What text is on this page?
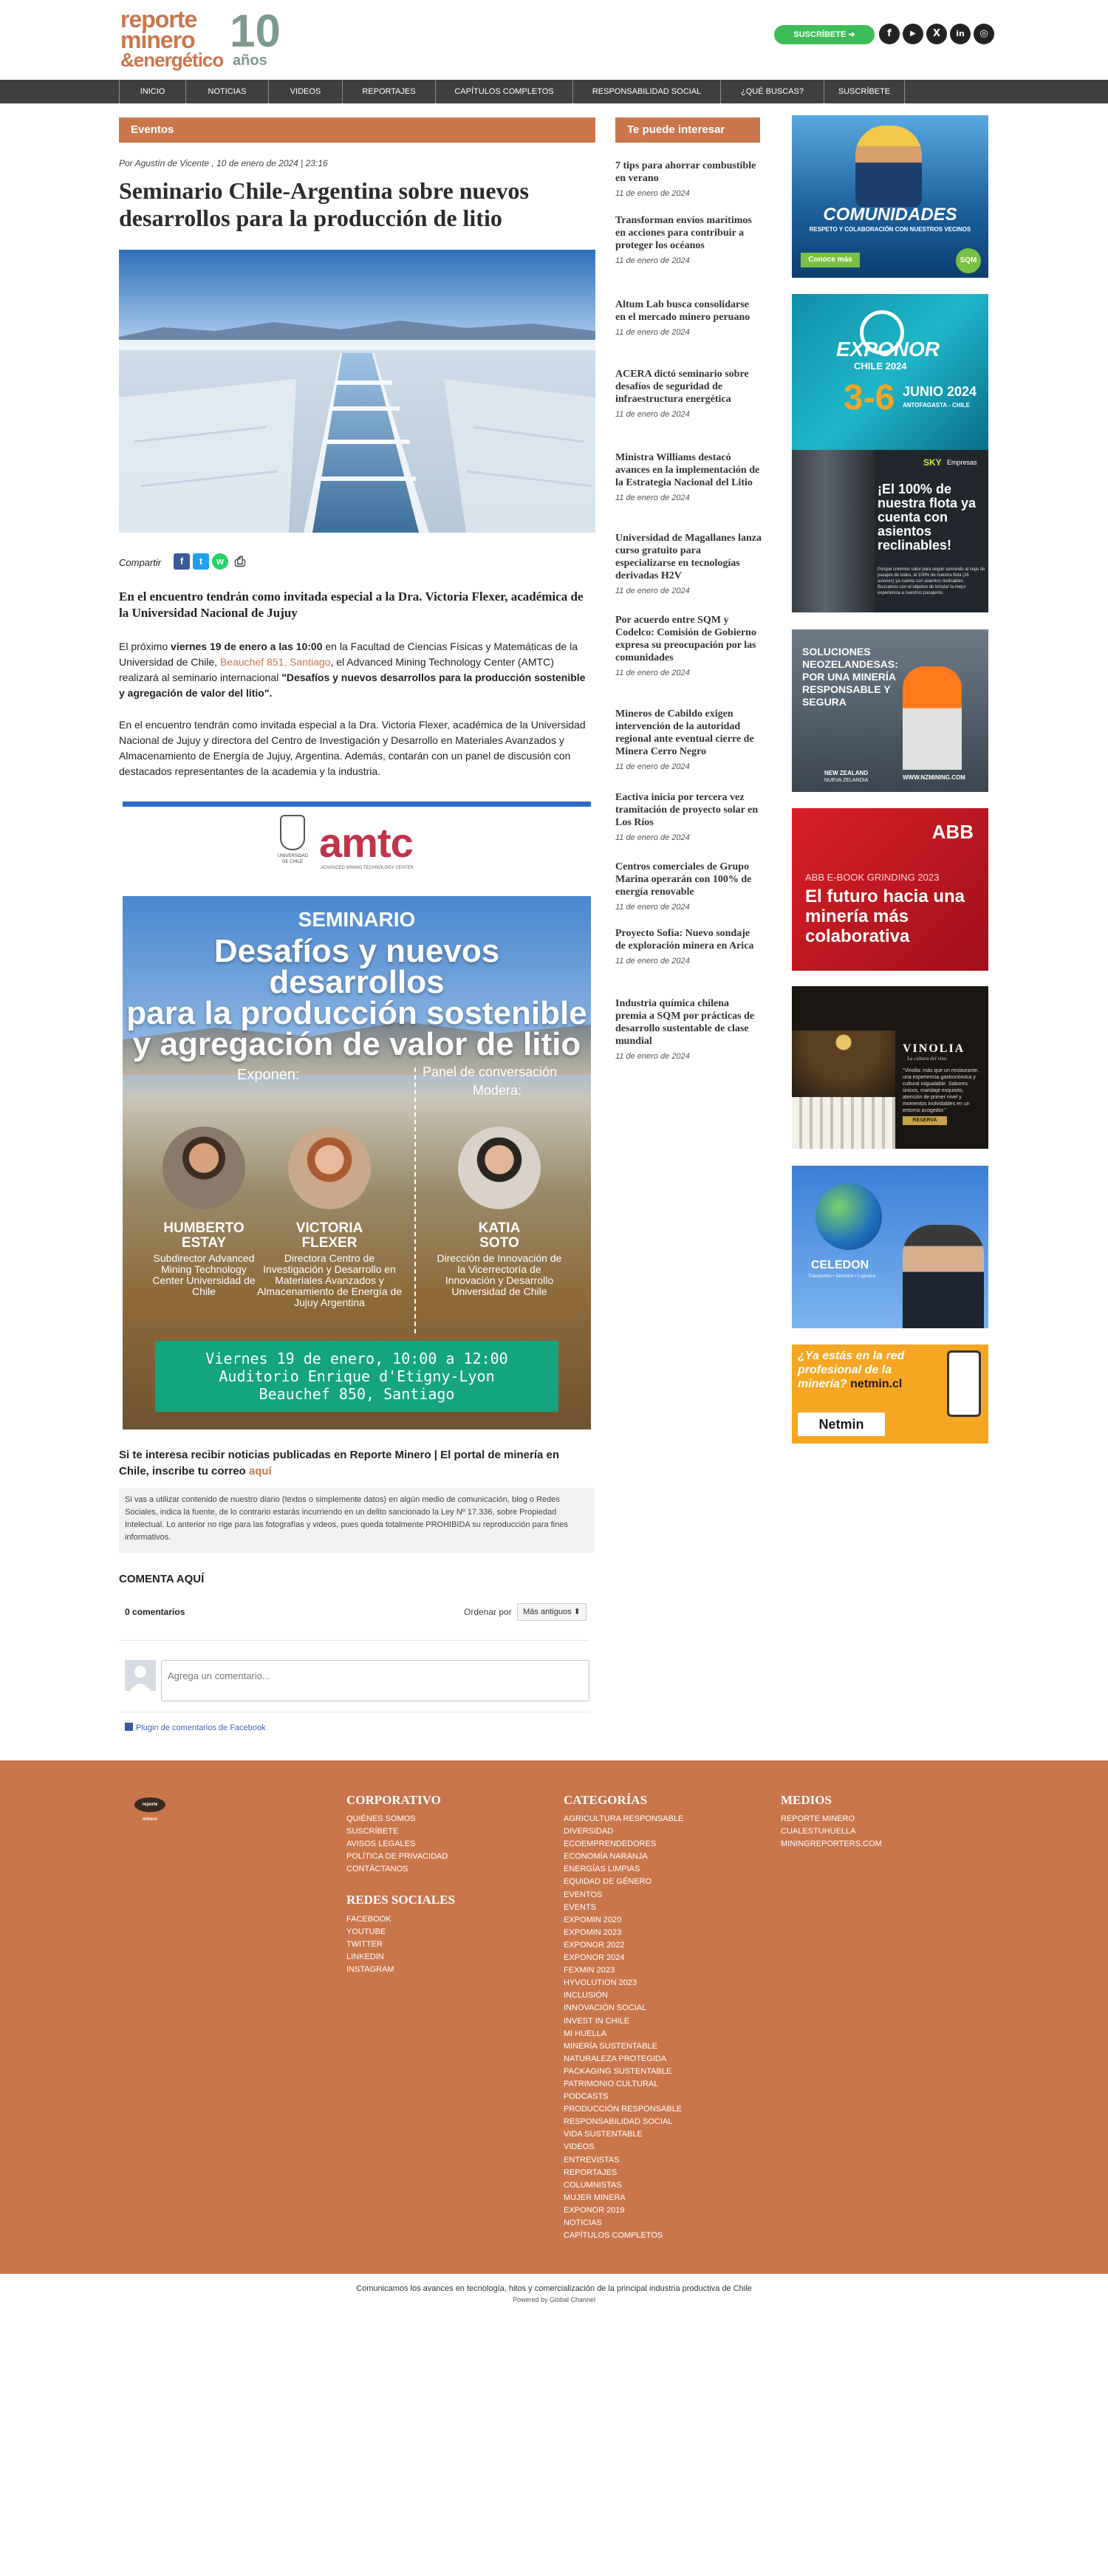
reporte
minero
&energético
10
años
SUSCRÍBETE ➜	f	▶	X	in	◎
INICIO	NOTICIAS	VIDEOS	REPORTAJES	CAPÍTULOS COMPLETOS	RESPONSABILIDAD SOCIAL	¿QUÉ BUSCAS?	SUSCRÍBETE
Eventos
Por Agustín de Vicente , 10 de enero de 2024 | 23:16
Seminario Chile-Argentina sobre nuevos desarrollos para la producción de litio
Compartir	f	t	w ⎙

En el encuentro tendrán como invitada especial a la Dra. Victoria Flexer, académica de la Universidad Nacional de Jujuy

El próximo viernes 19 de enero a las 10:00 en la Facultad de Ciencias Físicas y Matemáticas de la Universidad de Chile, Beauchef 851, Santiago, el Advanced Mining Technology Center (AMTC) realizará al seminario internacional "Desafíos y nuevos desarrollos para la producción sostenible y agregación de valor del litio".

En el encuentro tendrán como invitada especial a la Dra. Victoria Flexer, académica de la Universidad Nacional de Jujuy y directora del Centro de Investigación y Desarrollo en Materiales Avanzados y Almacenamiento de Energía de Jujuy, Argentina. Además, contarán con un panel de discusión con destacados representantes de la academia y la industria.

UNIVERSIDAD DE CHILE amtc
ADVANCED MINING TECHNOLOGY CENTER
SEMINARIO
Desafíos y nuevos desarrollos
para la producción sostenible
y agregación de valor de litio
Exponen:	Panel de conversación
Modera:
HUMBERTO
ESTAY
Subdirector Advanced Mining Technology Center Universidad de Chile
VICTORIA
FLEXER
Directora Centro de Investigación y Desarrollo en Materiales Avanzados y Almacenamiento de Energía de Jujuy Argentina
KATIA
SOTO
Dirección de Innovación de la Vicerrectoría de Innovación y Desarrollo Universidad de Chile
Viernes 19 de enero, 10:00 a 12:00
Auditorio Enrique d'Etigny-Lyon
Beauchef 850, Santiago

Si te interesa recibir noticias publicadas en Reporte Minero | El portal de minería en Chile, inscribe tu correo aquí

Si vas a utilizar contenido de nuestro diario (textos o simplemente datos) en algún medio de comunicación, blog o Redes Sociales, indica la fuente, de lo contrario estarás incurriendo en un delito sancionado la Ley Nº 17.336, sobre Propiedad Intelectual. Lo anterior no rige para las fotografías y videos, pues queda totalmente PROHIBIDA su reproducción para fines informativos.
COMENTA AQUÍ
0 comentarios	Ordenar por	Más antiguos ⬍
Agrega un comentario...
Plugin de comentarios de Facebook
Te puede interesar
7 tips para ahorrar combustible en verano
11 de enero de 2024
Transforman envíos marítimos en acciones para contribuir a proteger los océanos
11 de enero de 2024
Altum Lab busca consolidarse en el mercado minero peruano
11 de enero de 2024
ACERA dictó seminario sobre desafíos de seguridad de infraestructura energética
11 de enero de 2024
Ministra Williams destacó avances en la implementación de la Estrategia Nacional del Litio
11 de enero de 2024
Universidad de Magallanes lanza curso gratuito para especializarse en tecnologías derivadas H2V
11 de enero de 2024
Por acuerdo entre SQM y Codelco: Comisión de Gobierno expresa su preocupación por las comunidades
11 de enero de 2024
Mineros de Cabildo exigen intervención de la autoridad regional ante eventual cierre de Minera Cerro Negro
11 de enero de 2024
Eactiva inicia por tercera vez tramitación de proyecto solar en Los Ríos
11 de enero de 2024
Centros comerciales de Grupo Marina operarán con 100% de energía renovable
11 de enero de 2024
Proyecto Sofía: Nuevo sondaje de exploración minera en Arica
11 de enero de 2024
Industria química chilena premia a SQM por prácticas de desarrollo sustentable de clase mundial
11 de enero de 2024
COMUNIDADES
RESPETO Y COLABORACIÓN CON NUESTROS VECINOS
Conoce más	SQM
EXPONOR
CHILE 2024
3-6 JUNIO 2024
ANTOFAGASTA - CHILE
SKY Empresas
¡El 100% de nuestra flota ya cuenta con asientos reclinables!
Porque creemos valor para seguir sumando al viaje de pasajes de todos, el 100% de nuestra flota (26 aviones) ya cuenta con asientos reclinables. Buscamos con el objetivo de brindar la mejor experiencia a nuestros pasajeros.
SOLUCIONES NEOZELANDESAS: POR UNA MINERÍA RESPONSABLE Y SEGURA
NEW ZEALAND
NUEVA ZELANDIA	WWW.NZMINING.COM
ABB
ABB E-BOOK GRINDING 2023
El futuro hacia una minería más colaborativa
VINOLIA
La cultura del vino
"Vinolia: más que un restaurante, una experiencia gastronómica y cultural inigualable. Sabores únicos, maridaje exquisito, atención de primer nivel y momentos inolvidables en un entorno acogedor."
RESERVA
CELEDON
Transportes • Servicios • Logística
¿Ya estás en la red
profesional de la
minería? netmin.cl
Netmin
reporte minero
CORPORATIVO
QUIÉNES SOMOS
SUSCRÍBETE
AVISOS LEGALES
POLÍTICA DE PRIVACIDAD
CONTÁCTANOS
REDES SOCIALES
FACEBOOK
YOUTUBE
TWITTER
LINKEDIN
INSTAGRAM
CATEGORÍAS
AGRICULTURA RESPONSABLE
DIVERSIDAD
ECOEMPRENDEDORES
ECONOMÍA NARANJA
ENERGÍAS LIMPIAS
EQUIDAD DE GÉNERO
EVENTOS
EVENTS
EXPOMIN 2020
EXPOMIN 2023
EXPONOR 2022
EXPONOR 2024
FEXMIN 2023
HYVOLUTION 2023
INCLUSIÓN
INNOVACIÓN SOCIAL
INVEST IN CHILE
MI HUELLA
MINERÍA SUSTENTABLE
NATURALEZA PROTEGIDA
PACKAGING SUSTENTABLE
PATRIMONIO CULTURAL
PODCASTS
PRODUCCIÓN RESPONSABLE
RESPONSABILIDAD SOCIAL
VIDA SUSTENTABLE
VIDEOS
ENTREVISTAS
REPORTAJES
COLUMNISTAS
MUJER MINERA
EXPONOR 2019
NOTICIAS
CAPÍTULOS COMPLETOS
MEDIOS
REPORTE MINERO
CUALESTUHUELLA
MININGREPORTERS.COM
Comunicamos los avances en tecnología, hitos y comercialización de la principal industria productiva de Chile
Powered by Global Channel
